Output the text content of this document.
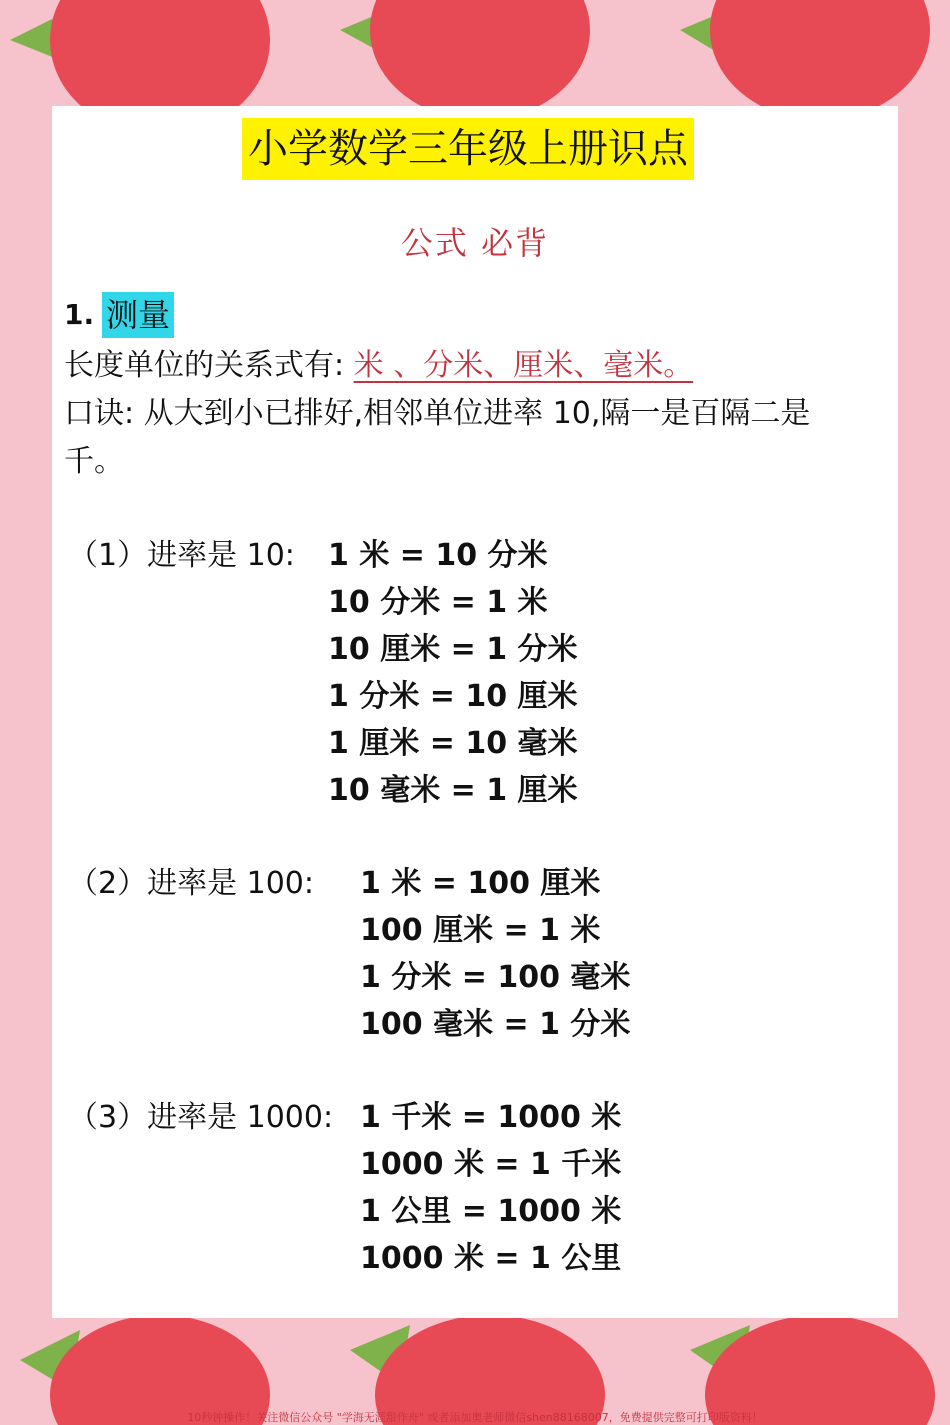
小学数学三年级上册识点
公式 必背
1. 测量
长度单位的关系式有: 米 、分米、厘米、毫米。
口诀: 从大到小已排好,相邻单位进率 10,隔一是百隔二是
千。
（1）进率是 10: 1 米 = 10 分米
10 分米 = 1 米
10 厘米 = 1 分米
1 分米 = 10 厘米
1 厘米 = 10 毫米
10 毫米 = 1 厘米
（2）进率是 100: 1 米 = 100 厘米
100 厘米 = 1 米
1 分米 = 100 毫米
100 毫米 = 1 分米
（3）进率是 1000: 1 千米 = 1000 米
1000 米 = 1 千米
1 公里 = 1000 米
1000 米 = 1 公里
10秒钟操作！关注微信公众号 "学海无涯甜作舟" 或者添加奥老师微信shen88168007，免费提供完整可打印版资料！
